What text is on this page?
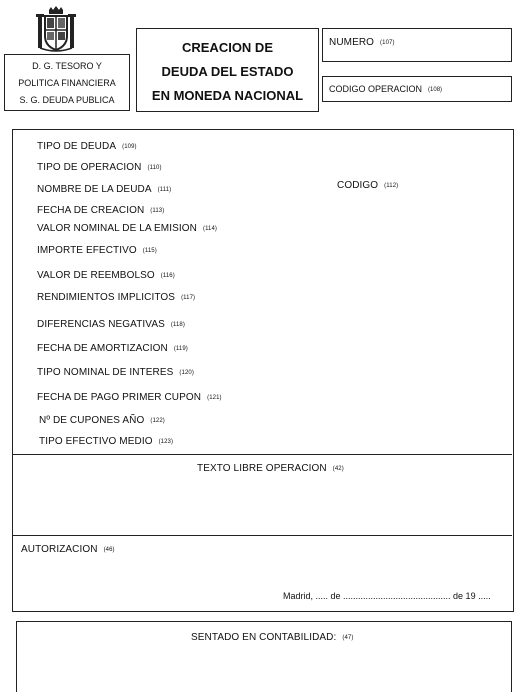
D. G. TESORO Y
POLITICA FINANCIERA
S. G. DEUDA PUBLICA
CREACION DE
DEUDA DEL ESTADO
EN MONEDA NACIONAL
NUMERO (107)
CODIGO OPERACION (108)
TIPO DE DEUDA (109)
TIPO DE OPERACION (110)
NOMBRE DE LA DEUDA (111)
FECHA DE CREACION (113)
VALOR NOMINAL DE LA EMISION (114)
IMPORTE EFECTIVO (115)
VALOR DE REEMBOLSO (116)
RENDIMIENTOS IMPLICITOS (117)
DIFERENCIAS NEGATIVAS (118)
FECHA DE AMORTIZACION (119)
TIPO NOMINAL DE INTERES (120)
FECHA DE PAGO PRIMER CUPON (121)
Nº DE CUPONES AÑO (122)
TIPO EFECTIVO MEDIO (123)
CODIGO (112)
TEXTO LIBRE OPERACION (42)
AUTORIZACION (46)
Madrid, ..... de ........................................... de 19 .....
SENTADO EN CONTABILIDAD: (47)
